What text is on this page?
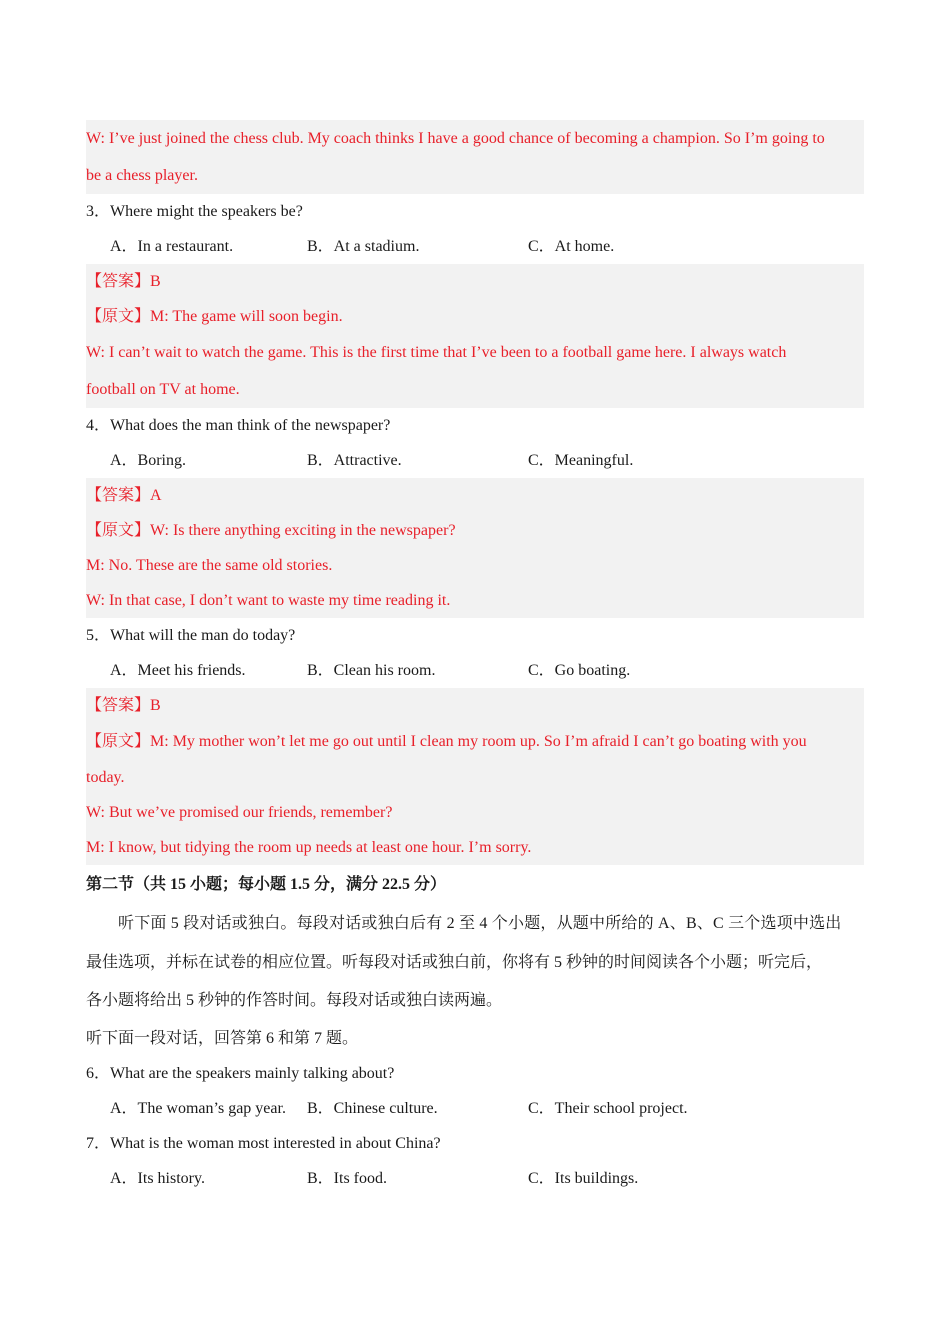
W: I’ve just joined the chess club. My coach thinks I have a good chance of becoming a champion. So I’m going to
be a chess player.
3．Where might the speakers be?
A．In a restaurant.	B．At a stadium.	C．At home.
【答案】B
【原文】M: The game will soon begin.
W: I can’t wait to watch the game. This is the first time that I’ve been to a football game here. I always watch
football on TV at home.
4．What does the man think of the newspaper?
A．Boring.	B．Attractive.	C．Meaningful.
【答案】A
【原文】W: Is there anything exciting in the newspaper?
M: No. These are the same old stories.
W: In that case, I don’t want to waste my time reading it.
5．What will the man do today?
A．Meet his friends.	B．Clean his room.	C．Go boating.
【答案】B
【原文】M: My mother won’t let me go out until I clean my room up. So I’m afraid I can’t go boating with you
today.
W: But we’ve promised our friends, remember?
M: I know, but tidying the room up needs at least one hour. I’m sorry.
第二节（共 15 小题；每小题 1.5 分，满分 22.5 分）
听下面 5 段对话或独白。每段对话或独白后有 2 至 4 个小题，从题中所给的 A、B、C 三个选项中选出
最佳选项，并标在试卷的相应位置。听每段对话或独白前，你将有 5 秒钟的时间阅读各个小题；听完后，
各小题将给出 5 秒钟的作答时间。每段对话或独白读两遍。
听下面一段对话，回答第 6 和第 7 题。
6．What are the speakers mainly talking about?
A．The woman’s gap year. B．Chinese culture.	C．Their school project.
7．What is the woman most interested in about China?
A．Its history.	B．Its food.	C．Its buildings.
